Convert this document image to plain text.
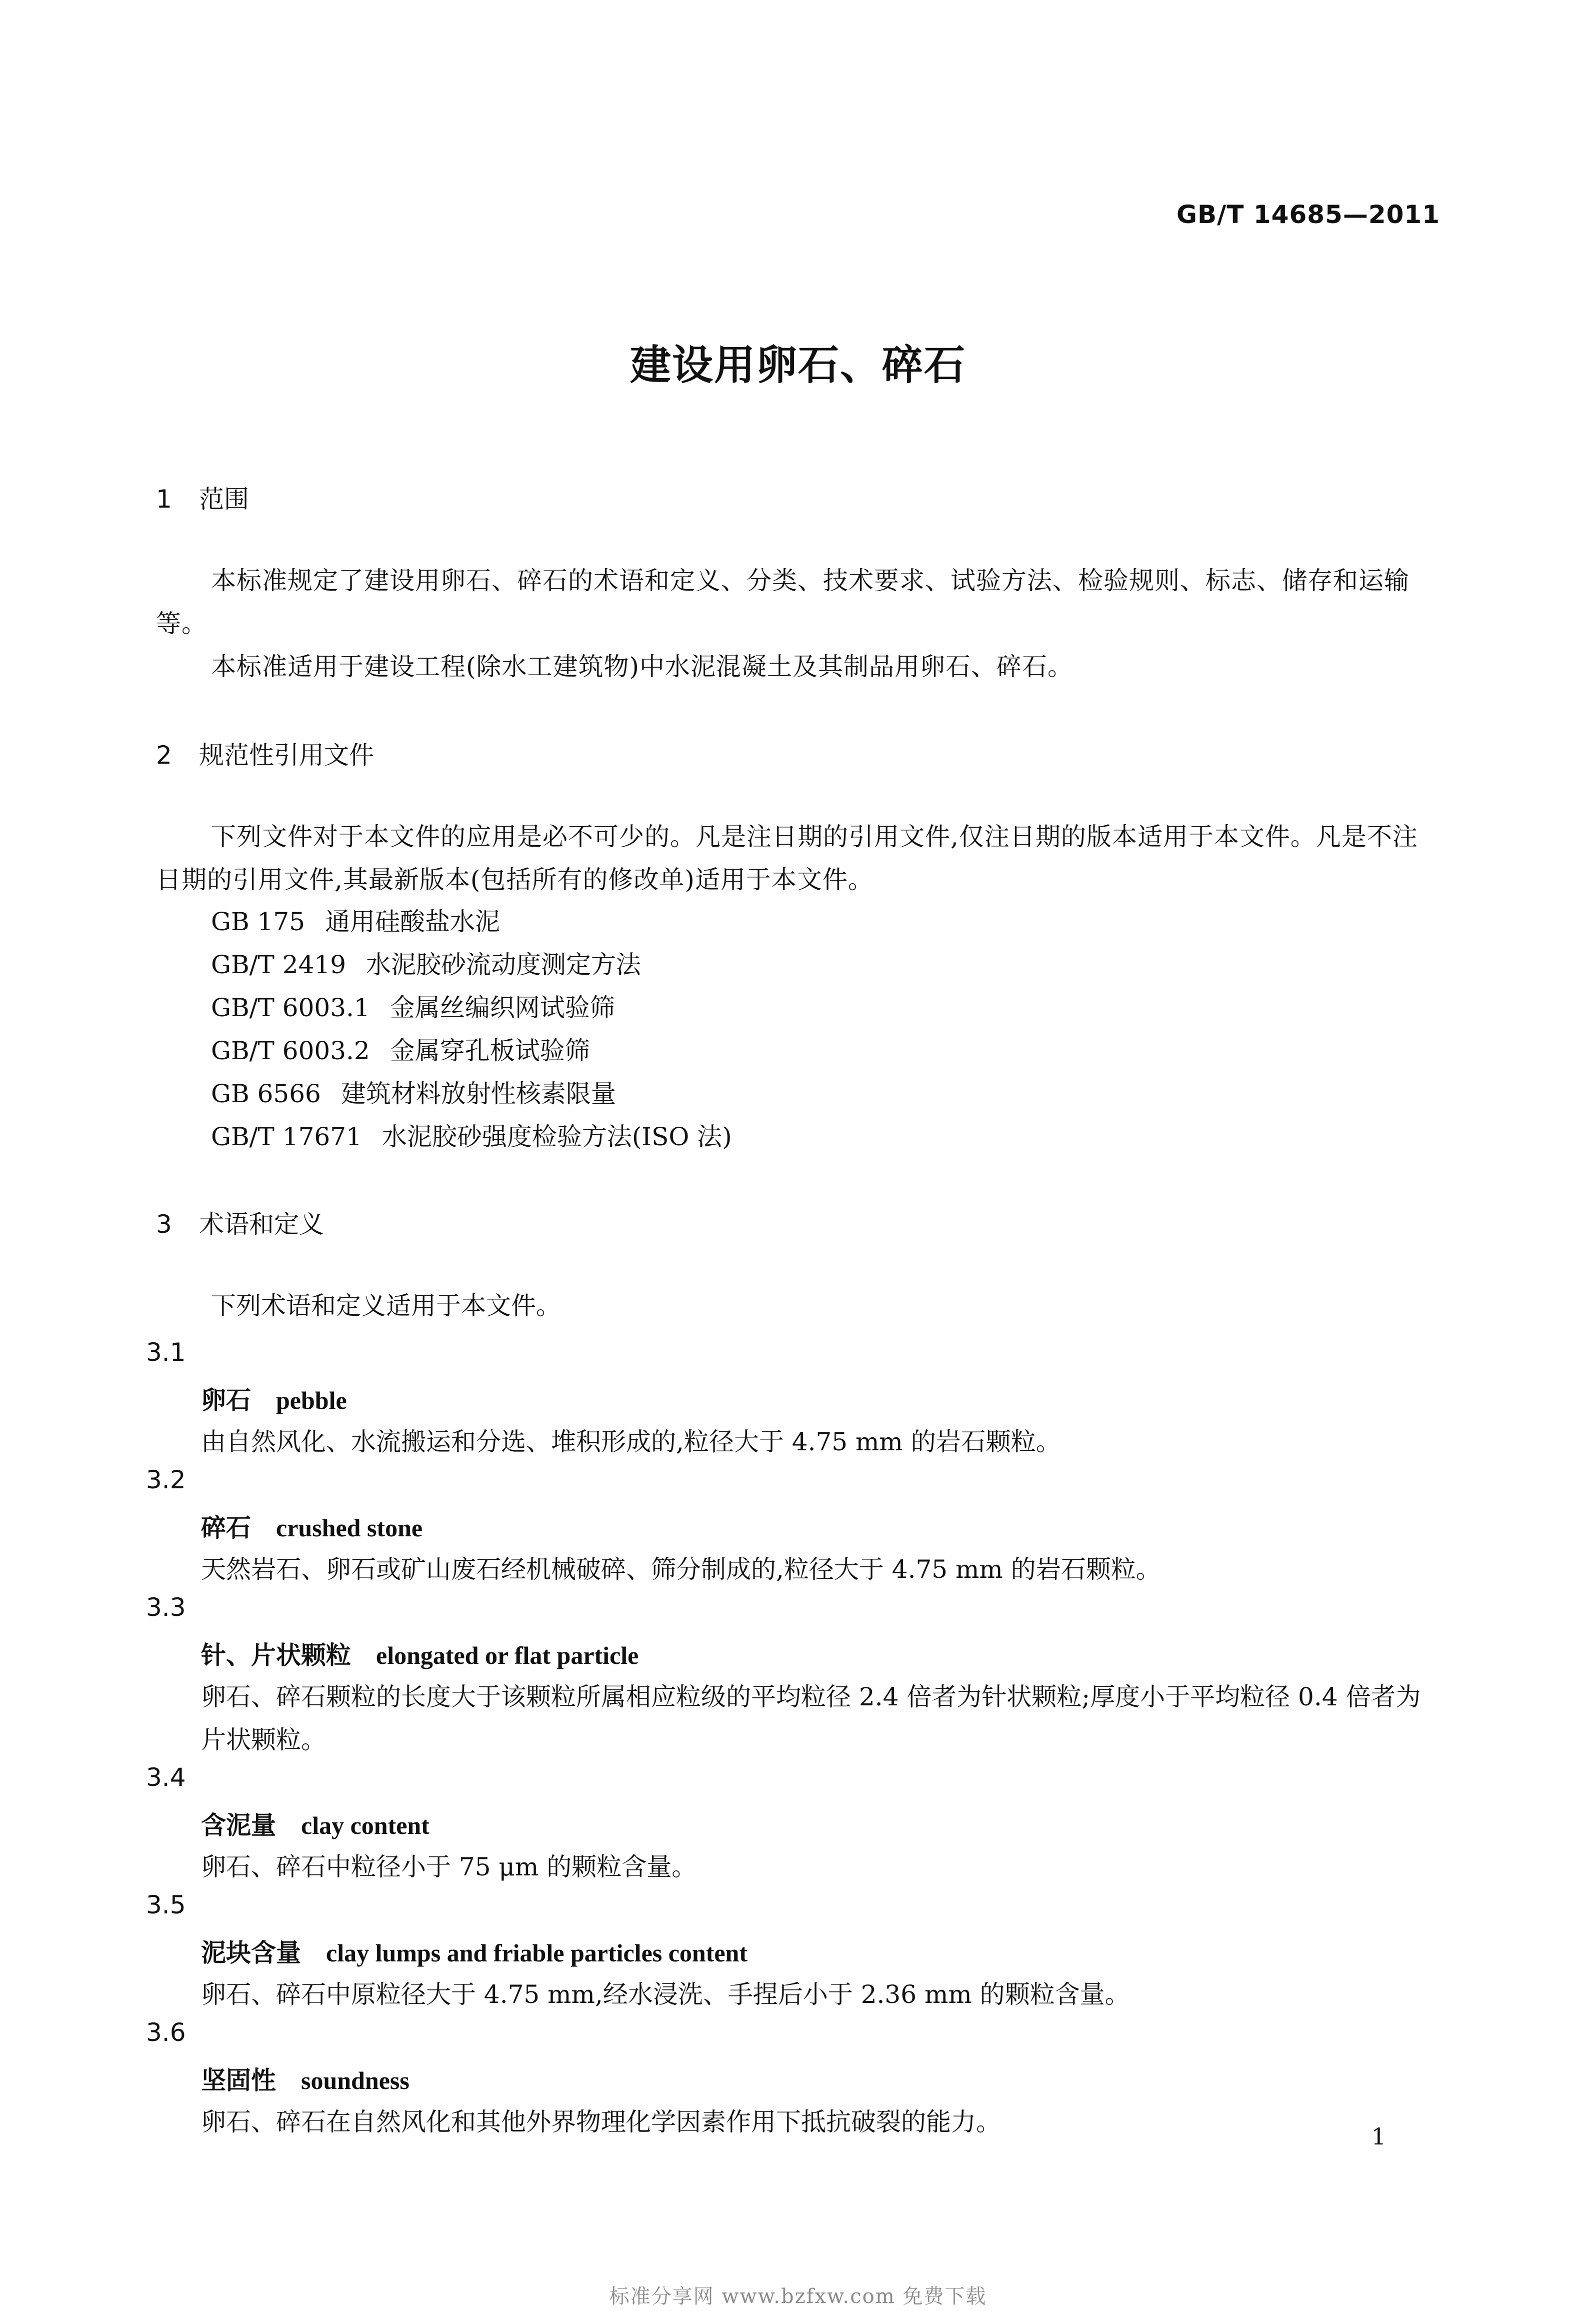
GB/T 14685—2011
建设用卵石、碎石
1 范围
本标准规定了建设用卵石、碎石的术语和定义、分类、技术要求、试验方法、检验规则、标志、储存和运输等。
本标准适用于建设工程(除水工建筑物)中水泥混凝土及其制品用卵石、碎石。
2 规范性引用文件
下列文件对于本文件的应用是必不可少的。凡是注日期的引用文件,仅注日期的版本适用于本文件。凡是不注日期的引用文件,其最新版本(包括所有的修改单)适用于本文件。
GB 175 通用硅酸盐水泥
GB/T 2419 水泥胶砂流动度测定方法
GB/T 6003.1 金属丝编织网试验筛
GB/T 6003.2 金属穿孔板试验筛
GB 6566 建筑材料放射性核素限量
GB/T 17671 水泥胶砂强度检验方法(ISO 法)
3 术语和定义
下列术语和定义适用于本文件。
3.1
卵石 pebble
由自然风化、水流搬运和分选、堆积形成的,粒径大于 4.75 mm 的岩石颗粒。
3.2
碎石 crushed stone
天然岩石、卵石或矿山废石经机械破碎、筛分制成的,粒径大于 4.75 mm 的岩石颗粒。
3.3
针、片状颗粒 elongated or flat particle
卵石、碎石颗粒的长度大于该颗粒所属相应粒级的平均粒径 2.4 倍者为针状颗粒;厚度小于平均粒径 0.4 倍者为片状颗粒。
3.4
含泥量 clay content
卵石、碎石中粒径小于 75 μm 的颗粒含量。
3.5
泥块含量 clay lumps and friable particles content
卵石、碎石中原粒径大于 4.75 mm,经水浸洗、手捏后小于 2.36 mm 的颗粒含量。
3.6
坚固性 soundness
卵石、碎石在自然风化和其他外界物理化学因素作用下抵抗破裂的能力。	1
标准分享网 www.bzfxw.com 免费下载
